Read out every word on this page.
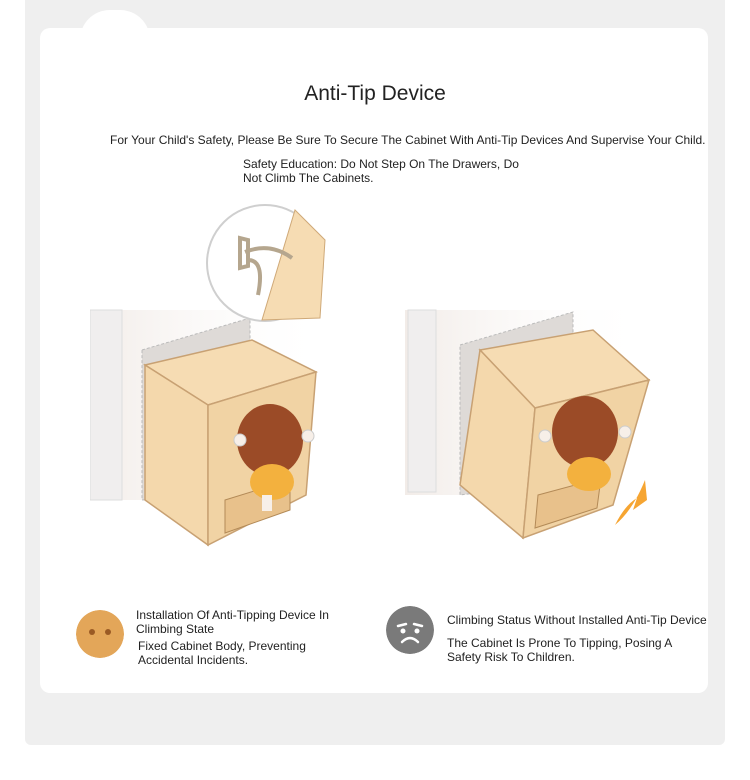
Anti-Tip Device
For Your Child's Safety, Please Be Sure To Secure The Cabinet With Anti-Tip Devices And Supervise Your Child.
Safety Education: Do Not Step On The Drawers, Do
Not Climb The Cabinets.
Installation Of Anti-Tipping Device In
Climbing State
Fixed Cabinet Body, Preventing
Accidental Incidents.
Climbing Status Without Installed Anti-Tip Device
The Cabinet Is Prone To Tipping, Posing A
Safety Risk To Children.
